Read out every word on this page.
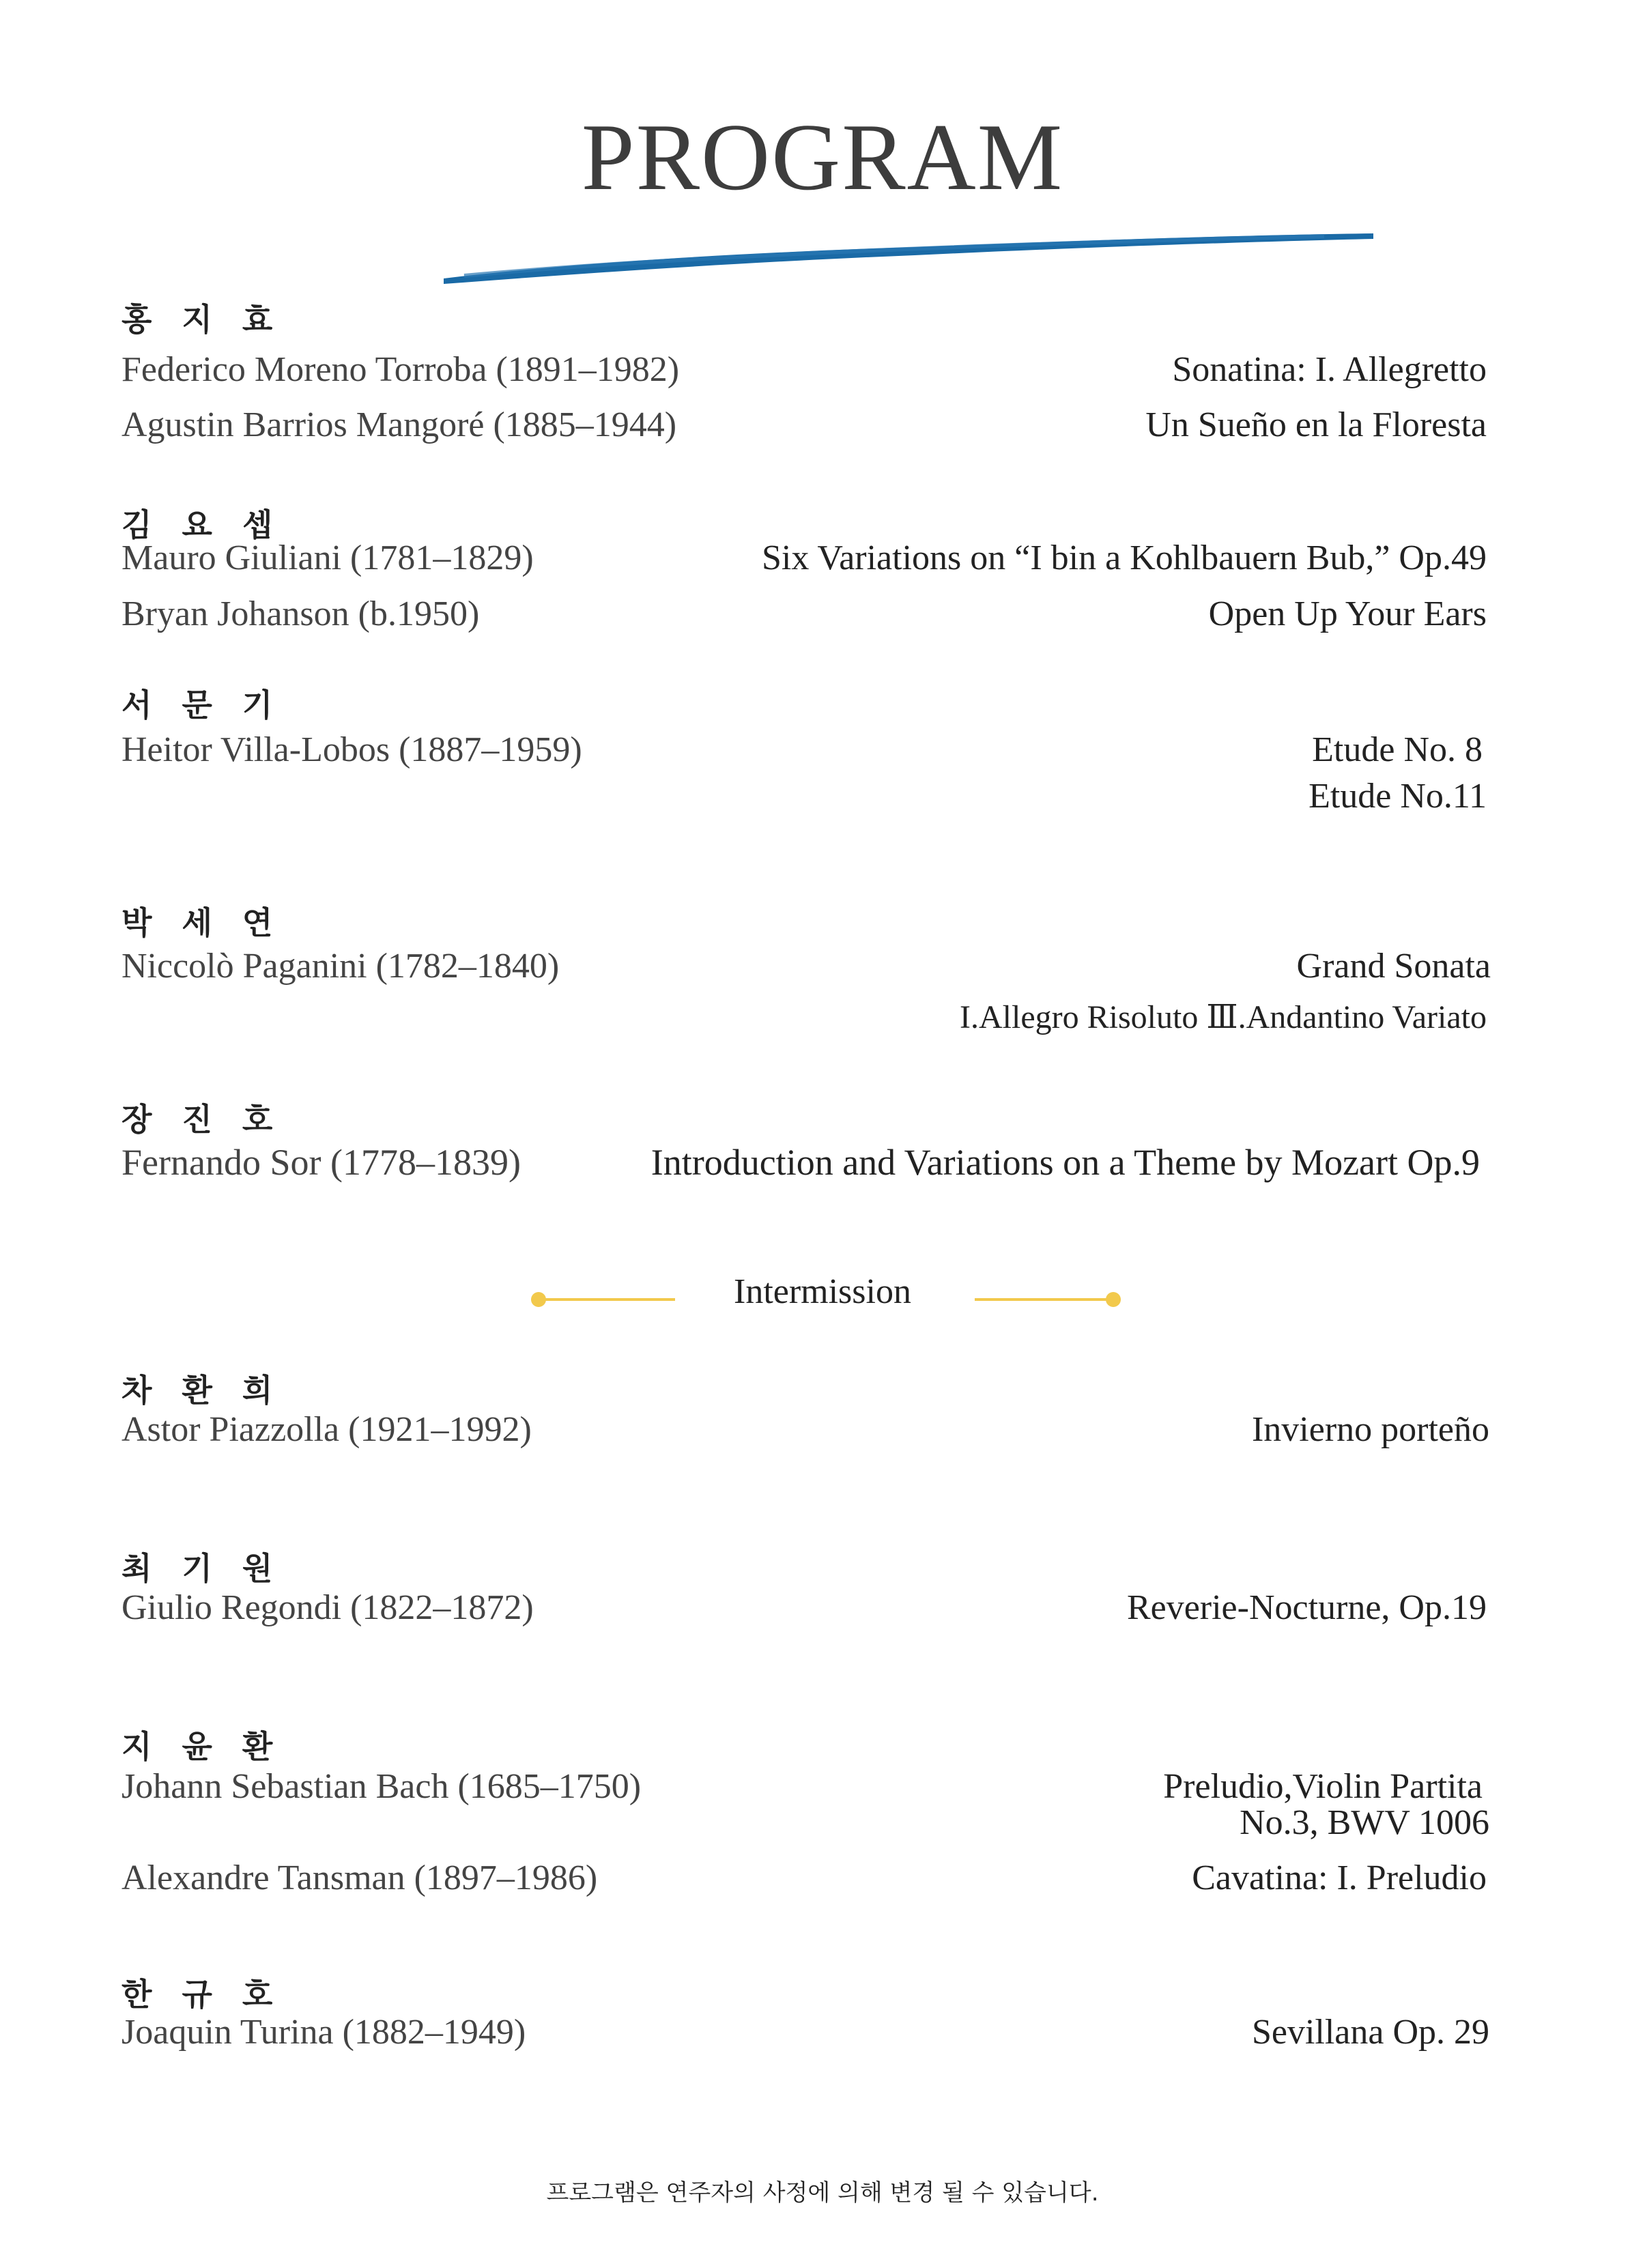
PROGRAM
홍 지 효
Federico Moreno Torroba (1891–1982)	Sonatina: I. Allegretto
Agustin Barrios Mangoré (1885–1944)	Un Sueño en la Floresta
김 요 셉
Mauro Giuliani (1781–1829)	Six Variations on “I bin a Kohlbauern Bub,” Op.49
Bryan Johanson (b.1950)	Open Up Your Ears
서 문 기
Heitor Villa-Lobos (1887–1959)	Etude No. 8
Etude No.11
박 세 연
Niccolò Paganini (1782–1840)	Grand Sonata
I.Allegro Risoluto Ⅲ.Andantino Variato
장 진 호
Fernando Sor (1778–1839)	Introduction and Variations on a Theme by Mozart Op.9
Intermission
차 환 희
Astor Piazzolla (1921–1992)	Invierno porteño
최 기 원
Giulio Regondi (1822–1872)	Reverie-Nocturne, Op.19
지 윤 환
Johann Sebastian Bach (1685–1750)	Preludio,Violin Partita
No.3, BWV 1006
Alexandre Tansman (1897–1986)	Cavatina: I. Preludio
한 규 호
Joaquin Turina (1882–1949)	Sevillana Op. 29
프로그램은 연주자의 사정에 의해 변경 될 수 있습니다.
